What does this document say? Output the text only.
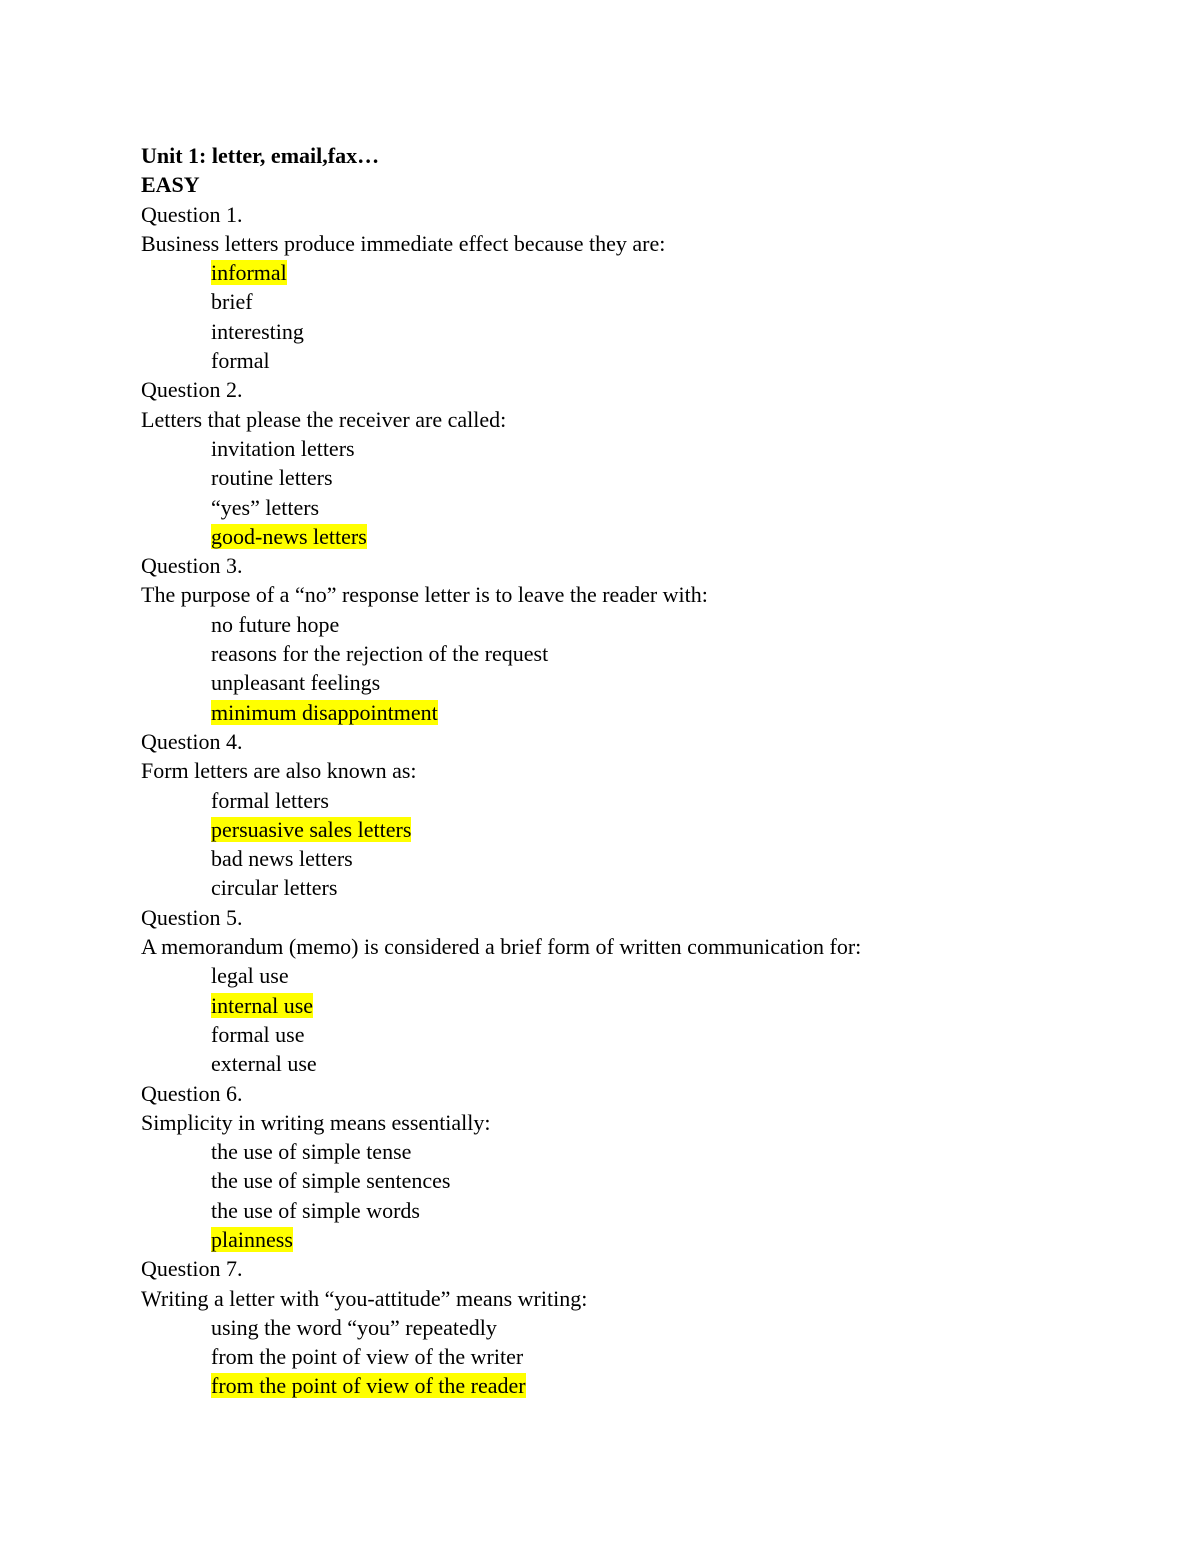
Unit 1: letter, email,fax…
EASY
Question 1.
Business letters produce immediate effect because they are:
informal
brief
interesting
formal
Question 2.
Letters that please the receiver are called:
invitation letters
routine letters
“yes” letters
good-news letters
Question 3.
The purpose of a “no” response letter is to leave the reader with:
no future hope
reasons for the rejection of the request
unpleasant feelings
minimum disappointment
Question 4.
Form letters are also known as:
formal letters
persuasive sales letters
bad news letters
circular letters
Question 5.
A memorandum (memo) is considered a brief form of written communication for:
legal use
internal use
formal use
external use
Question 6.
Simplicity in writing means essentially:
the use of simple tense
the use of simple sentences
the use of simple words
plainness
Question 7.
Writing a letter with “you-attitude” means writing:
using the word “you” repeatedly
from the point of view of the writer
from the point of view of the reader
